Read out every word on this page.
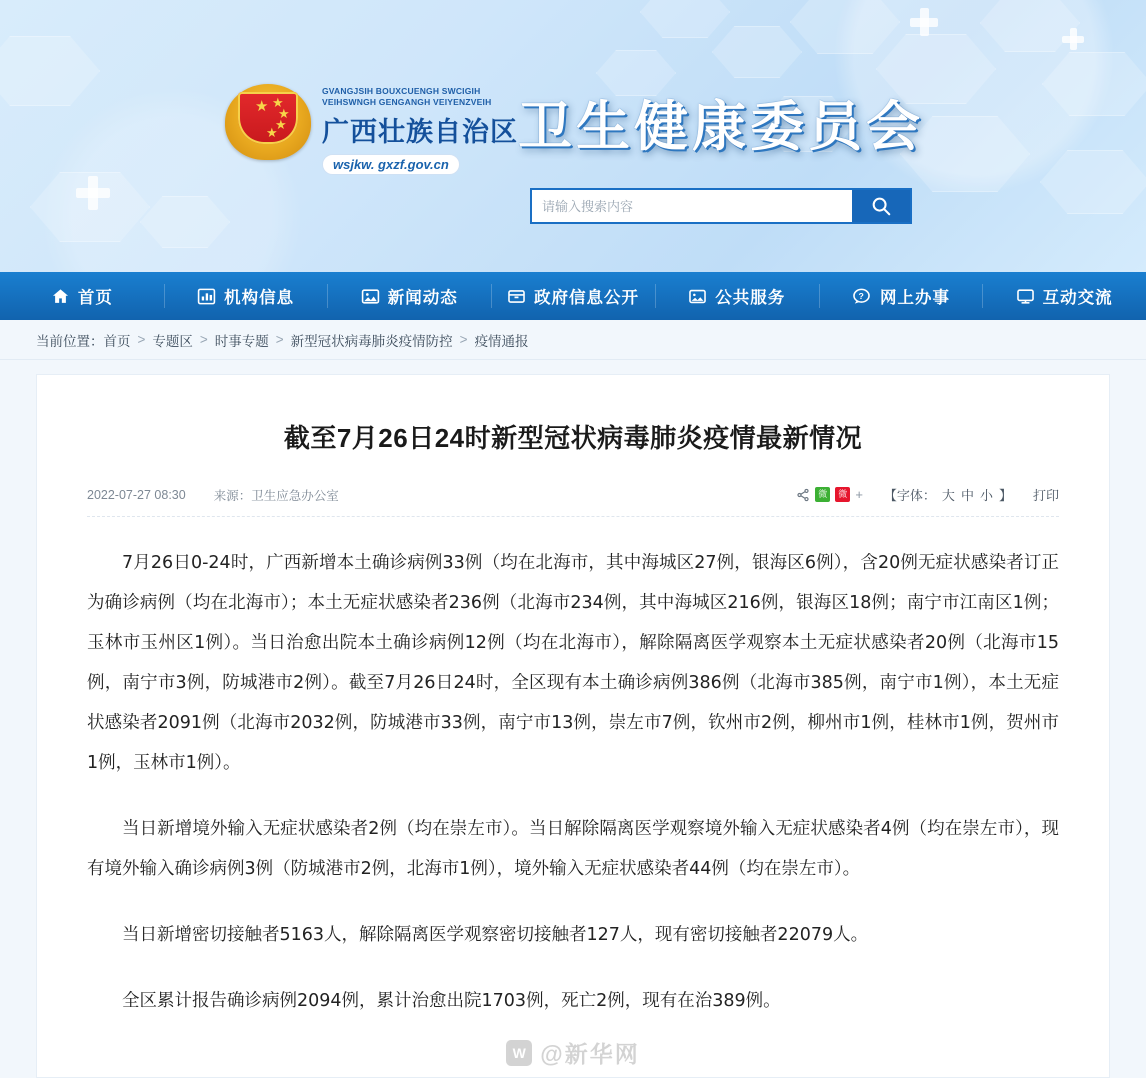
★ ★
★
★
★
GVANGJSIH BOUXCUENGH SWCIGIH
VEIHSWNGH GENGANGH VEIYENZVEIH
广西壮族自治区
wsjkw. gxzf.gov.cn
卫生健康委员会
请输入搜索内容
首页	机构信息	新闻动态	政府信息公开	公共服务	? 网上办事	互动交流
当前位置： 首页 > 专题区 > 时事专题 > 新型冠状病毒肺炎疫情防控 > 疫情通报
截至7月26日24时新型冠状病毒肺炎疫情最新情况
2022-07-27 08:30 来源：卫生应急办公室	微	微 + 【字体： 大 中 小 】 打印

7月26日0-24时，广西新增本土确诊病例33例（均在北海市，其中海城区27例，银海区6例），含20例无症状感染者订正为确诊病例（均在北海市）；本土无症状感染者236例（北海市234例，其中海城区216例，银海区18例；南宁市江南区1例；玉林市玉州区1例）。当日治愈出院本土确诊病例12例（均在北海市），解除隔离医学观察本土无症状感染者20例（北海市15例，南宁市3例，防城港市2例）。截至7月26日24时，全区现有本土确诊病例386例（北海市385例，南宁市1例），本土无症状感染者2091例（北海市2032例，防城港市33例，南宁市13例，崇左市7例，钦州市2例，柳州市1例，桂林市1例，贺州市1例，玉林市1例）。

当日新增境外输入无症状感染者2例（均在崇左市）。当日解除隔离医学观察境外输入无症状感染者4例（均在崇左市），现有境外输入确诊病例3例（防城港市2例，北海市1例），境外输入无症状感染者44例（均在崇左市）。

当日新增密切接触者5163人，解除隔离医学观察密切接触者127人，现有密切接触者22079人。

全区累计报告确诊病例2094例，累计治愈出院1703例，死亡2例，现有在治389例。

W @新华网
